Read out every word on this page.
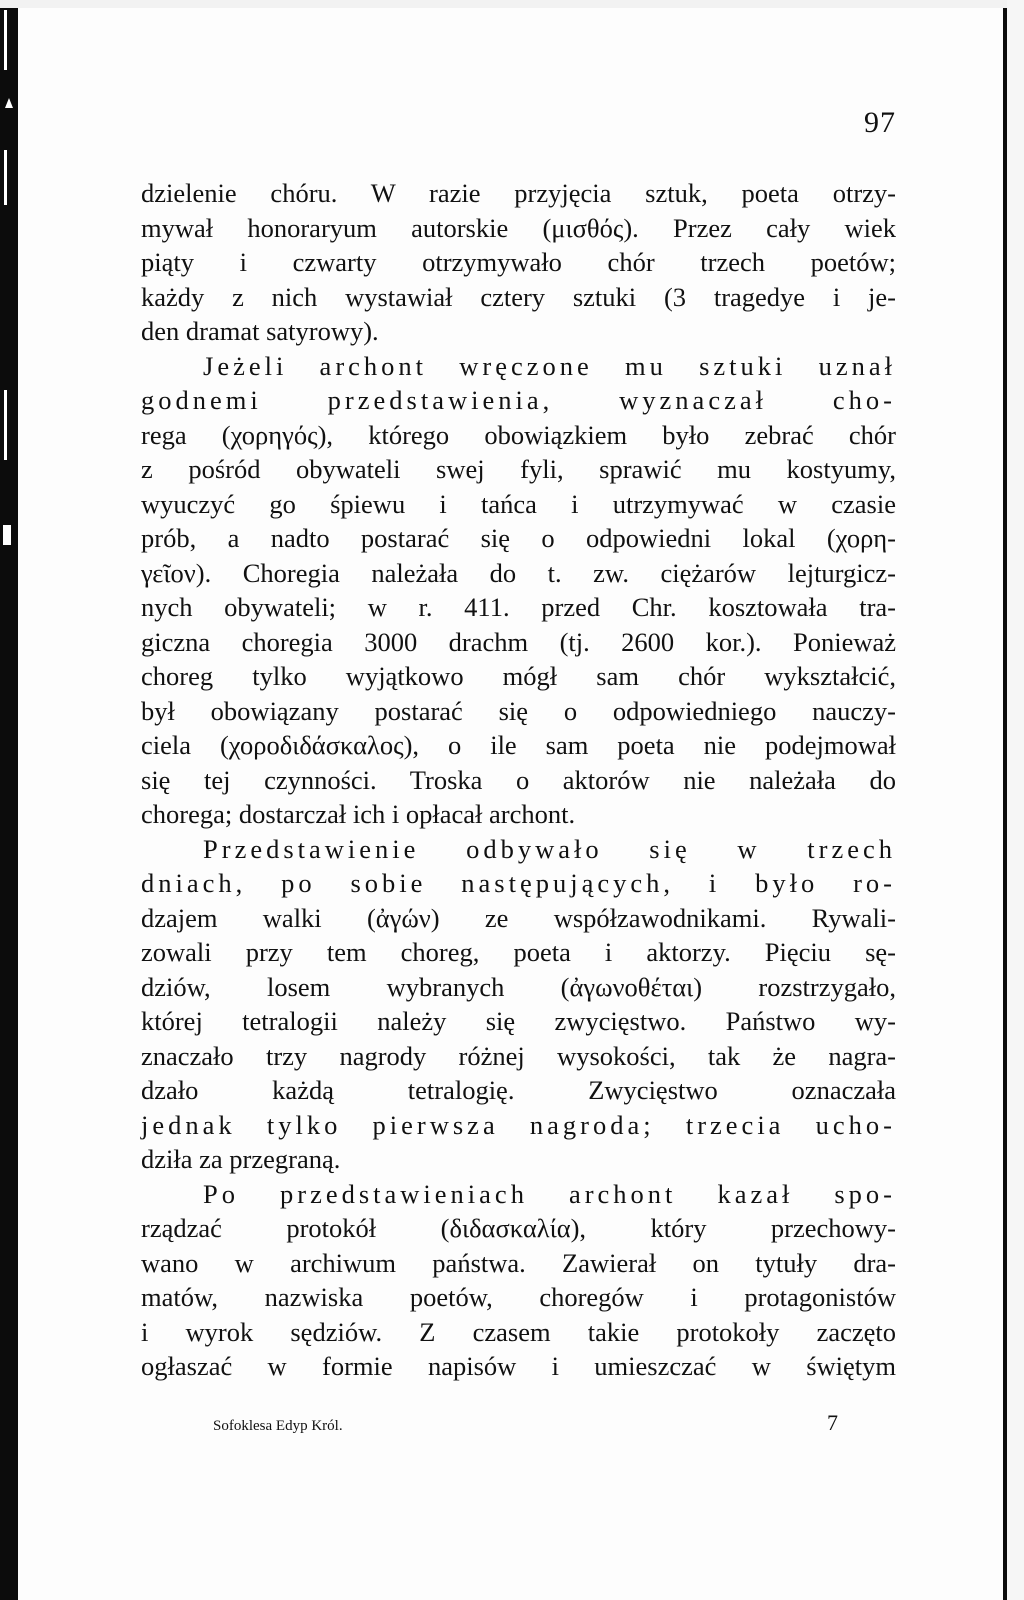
97
dzielenie chóru. W razie przyjęcia sztuk, poeta otrzy-
mywał honoraryum autorskie (μισθός). Przez cały wiek
piąty i czwarty otrzymywało chór trzech poetów;
każdy z nich wystawiał cztery sztuki (3 tragedye i je-
den dramat satyrowy).
Jeżeli archont wręczone mu sztuki uznał
godnemi przedstawienia, wyznaczał cho-
rega (χορηγός), którego obowiązkiem było zebrać chór
z pośród obywateli swej fyli, sprawić mu kostyumy,
wyuczyć go śpiewu i tańca i utrzymywać w czasie
prób, a nadto postarać się o odpowiedni lokal (χορη-
γεῖον). Choregia należała do t. zw. ciężarów lejturgicz-
nych obywateli; w r. 411. przed Chr. kosztowała tra-
giczna choregia 3000 drachm (tj. 2600 kor.). Ponieważ
choreg tylko wyjątkowo mógł sam chór wykształcić,
był obowiązany postarać się o odpowiedniego nauczy-
ciela (χοροδιδάσκαλος), o ile sam poeta nie podejmował
się tej czynności. Troska o aktorów nie należała do
chorega; dostarczał ich i opłacał archont.
Przedstawienie odbywało się w trzech
dniach, po sobie następujących, i było ro-
dzajem walki (ἀγών) ze współzawodnikami. Rywali-
zowali przy tem choreg, poeta i aktorzy. Pięciu sę-
dziów, losem wybranych (ἀγωνοθέται) rozstrzygało,
której tetralogii należy się zwycięstwo. Państwo wy-
znaczało trzy nagrody różnej wysokości, tak że nagra-
dzało każdą tetralogię. Zwycięstwo oznaczała
jednak tylko pierwsza nagroda; trzecia ucho-
dziła za przegraną.
Po przedstawieniach archont kazał spo-
rządzać protokół (διδασκαλία), który przechowy-
wano w archiwum państwa. Zawierał on tytuły dra-
matów, nazwiska poetów, choregów i protagonistów
i wyrok sędziów. Z czasem takie protokoły zaczęto
ogłaszać w formie napisów i umieszczać w świętym
Sofoklesa Edyp Król.	7
